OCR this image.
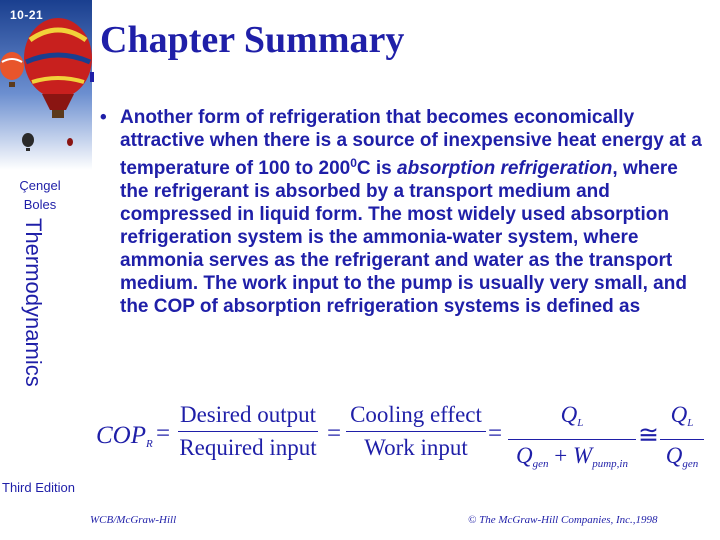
10-21
Çengel
Boles
Thermodynamics
Third Edition
Chapter Summary
• Another form of refrigeration that becomes economically attractive when there is a source of inexpensive heat energy at a temperature of 100 to $200^0C$ is absorption refrigeration, where the refrigerant is absorbed by a transport medium and compressed in liquid form. The most widely used absorption refrigeration system is the ammonia-water system, where ammonia serves as the refrigerant and water as the transport medium. The work input to the pump is usually very small, and the COP of absorption refrigeration systems is defined as
$COP_R$ =
Desired output
Required input
=
Cooling effect
Work input
=
$Q_L$
$Q_{gen} + W_{pump,in}$
≅
$Q_L$
$Q_{gen}$
WCB/McGraw-Hill	© The McGraw-Hill Companies, Inc.,1998
